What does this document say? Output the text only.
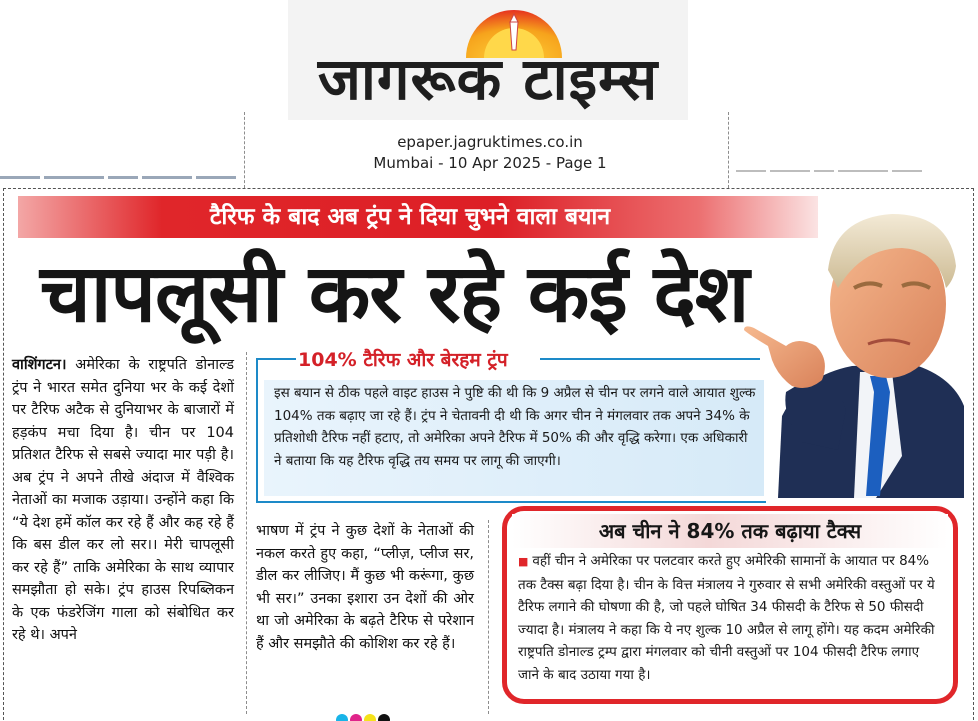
जागरूक टाइम्स
epaper.jagruktimes.co.in
Mumbai - 10 Apr 2025 - Page 1
टैरिफ के बाद अब ट्रंप ने दिया चुभने वाला बयान
चापलूसी कर रहे कई देश
वाशिंगटन। अमेरिका के राष्ट्रपति डोनाल्ड ट्रंप ने भारत समेत दुनिया भर के कई देशों पर टैरिफ अटैक से दुनियाभर के बाजारों में हड़कंप मचा दिया है। चीन पर 104 प्रतिशत टैरिफ से सबसे ज्यादा मार पड़ी है। अब ट्रंप ने अपने तीखे अंदाज में वैश्विक नेताओं का मजाक उड़ाया। उन्होंने कहा कि “ये देश हमें कॉल कर रहे हैं और कह रहे हैं कि बस डील कर लो सर।। मेरी चापलूसी कर रहे हैं” ताकि अमेरिका के साथ व्यापार समझौता हो सके। ट्रंप हाउस रिपब्लिकन के एक फंडरेजिंग गाला को संबोधित कर रहे थे। अपने
104% टैरिफ और बेरहम ट्रंप
इस बयान से ठीक पहले वाइट हाउस ने पुष्टि की थी कि 9 अप्रैल से चीन पर लगने वाले आयात शुल्क 104% तक बढ़ाए जा रहे हैं। ट्रंप ने चेतावनी दी थी कि अगर चीन ने मंगलवार तक अपने 34% के प्रतिशोधी टैरिफ नहीं हटाए, तो अमेरिका अपने टैरिफ में 50% की और वृद्धि करेगा। एक अधिकारी ने बताया कि यह टैरिफ वृद्धि तय समय पर लागू की जाएगी।
भाषण में ट्रंप ने कुछ देशों के नेताओं की नकल करते हुए कहा, “प्लीज़, प्लीज सर, डील कर लीजिए। मैं कुछ भी करूंगा, कुछ भी सर।” उनका इशारा उन देशों की ओर था जो अमेरिका के बढ़ते टैरिफ से परेशान हैं और समझौते की कोशिश कर रहे हैं।
अब चीन ने 84% तक बढ़ाया टैक्स
■ वहीं चीन ने अमेरिका पर पलटवार करते हुए अमेरिकी सामानों के आयात पर 84% तक टैक्स बढ़ा दिया है। चीन के वित्त मंत्रालय ने गुरुवार से सभी अमेरिकी वस्तुओं पर ये टैरिफ लगाने की घोषणा की है, जो पहले घोषित 34 फीसदी के टैरिफ से 50 फीसदी ज्यादा है। मंत्रालय ने कहा कि ये नए शुल्क 10 अप्रैल से लागू होंगे। यह कदम अमेरिकी राष्ट्रपति डोनाल्ड ट्रम्प द्वारा मंगलवार को चीनी वस्तुओं पर 104 फीसदी टैरिफ लगाए जाने के बाद उठाया गया है।
